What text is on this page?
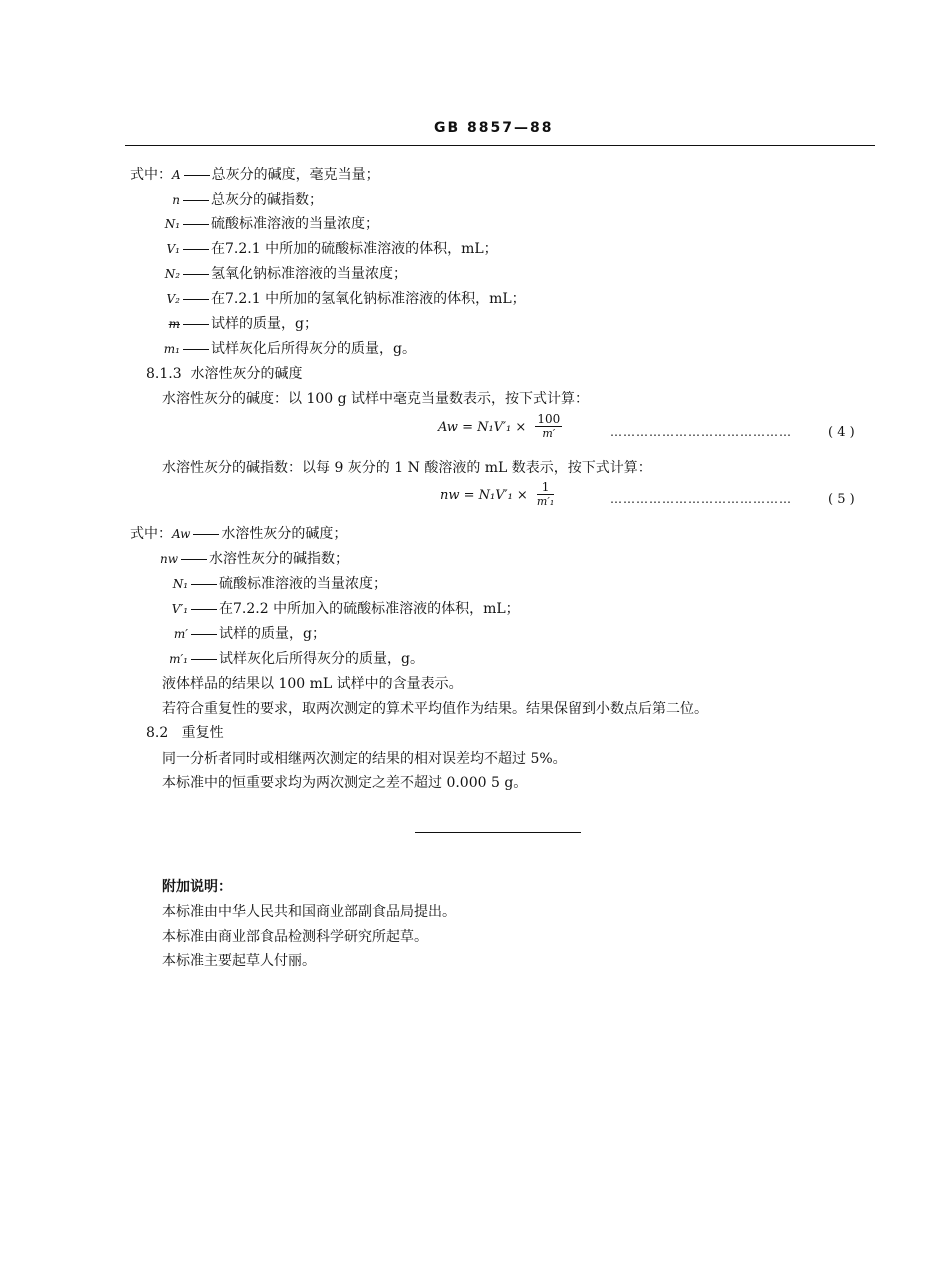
GB 8857—88
式中：A 总灰分的碱度，毫克当量；
n 总灰分的碱指数；
N₁ 硫酸标准溶液的当量浓度；
V₁ 在7.2.1 中所加的硫酸标准溶液的体积，mL；
N₂ 氢氧化钠标准溶液的当量浓度；
V₂ 在7.2.1 中所加的氢氧化钠标准溶液的体积，mL；
m 试样的质量，g；
m₁ 试样灰化后所得灰分的质量，g。
8.1.3 水溶性灰分的碱度
水溶性灰分的碱度：以 100 g 试样中毫克当量数表示，按下式计算：
$Aw = N_1V'_1 \times \frac{100}{m'}$	……………………………………	( 4 )
水溶性灰分的碱指数：以每 9 灰分的 1 N 酸溶液的 mL 数表示，按下式计算：
nw = $N_1V'_1 \times \frac{1}{\text{m′₁}}$	……………………………………	( 5 )
式中：Aw 水溶性灰分的碱度；
nw 水溶性灰分的碱指数；
N₁ 硫酸标准溶液的当量浓度；
V′₁ 在7.2.2 中所加入的硫酸标准溶液的体积，mL；
m′ 试样的质量，g；
m′₁ 试样灰化后所得灰分的质量，g。
液体样品的结果以 100 mL 试样中的含量表示。
若符合重复性的要求，取两次测定的算术平均值作为结果。结果保留到小数点后第二位。
8.2 重复性
同一分析者同时或相继两次测定的结果的相对误差均不超过 5%。
本标准中的恒重要求均为两次测定之差不超过 0.000 5 g。
附加说明：
本标准由中华人民共和国商业部副食品局提出。
本标准由商业部食品检测科学研究所起草。
本标准主要起草人付丽。
